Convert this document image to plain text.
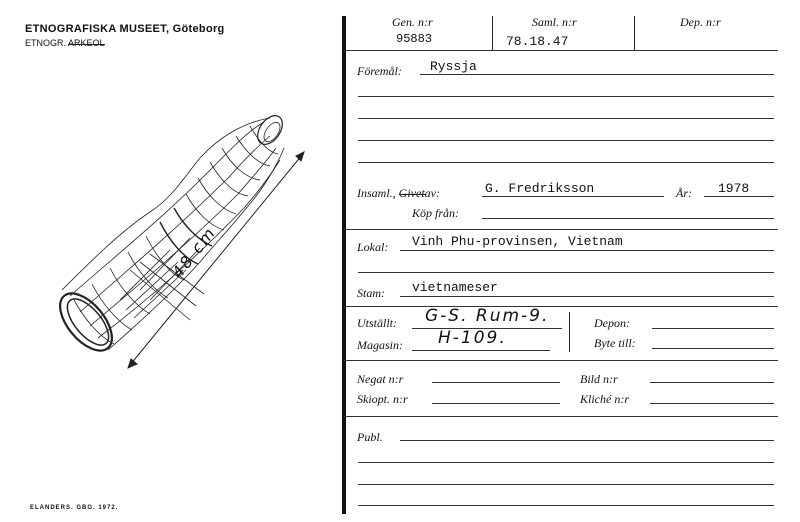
ETNOGRAFISKA MUSEET, Göteborg
ETNOGR. ARKEOL
ELANDERS. GBG. 1972.
48 cm
Gen. n:r
95883
Saml. n:r
78.18.47
Dep. n:r
Föremål: Ryssja
Insaml., Givetav:	G. Fredriksson	År: 1978
Köp från:
Lokal: Vinh Phu-provinsen, Vietnam
Stam: vietnameser
Utställt: G-S. Rum-9.
Magasin: H-109.
Depon:
Byte till:
Negat n:r	Bild n:r
Skiopt. n:r	Kliché n:r
Publ.
